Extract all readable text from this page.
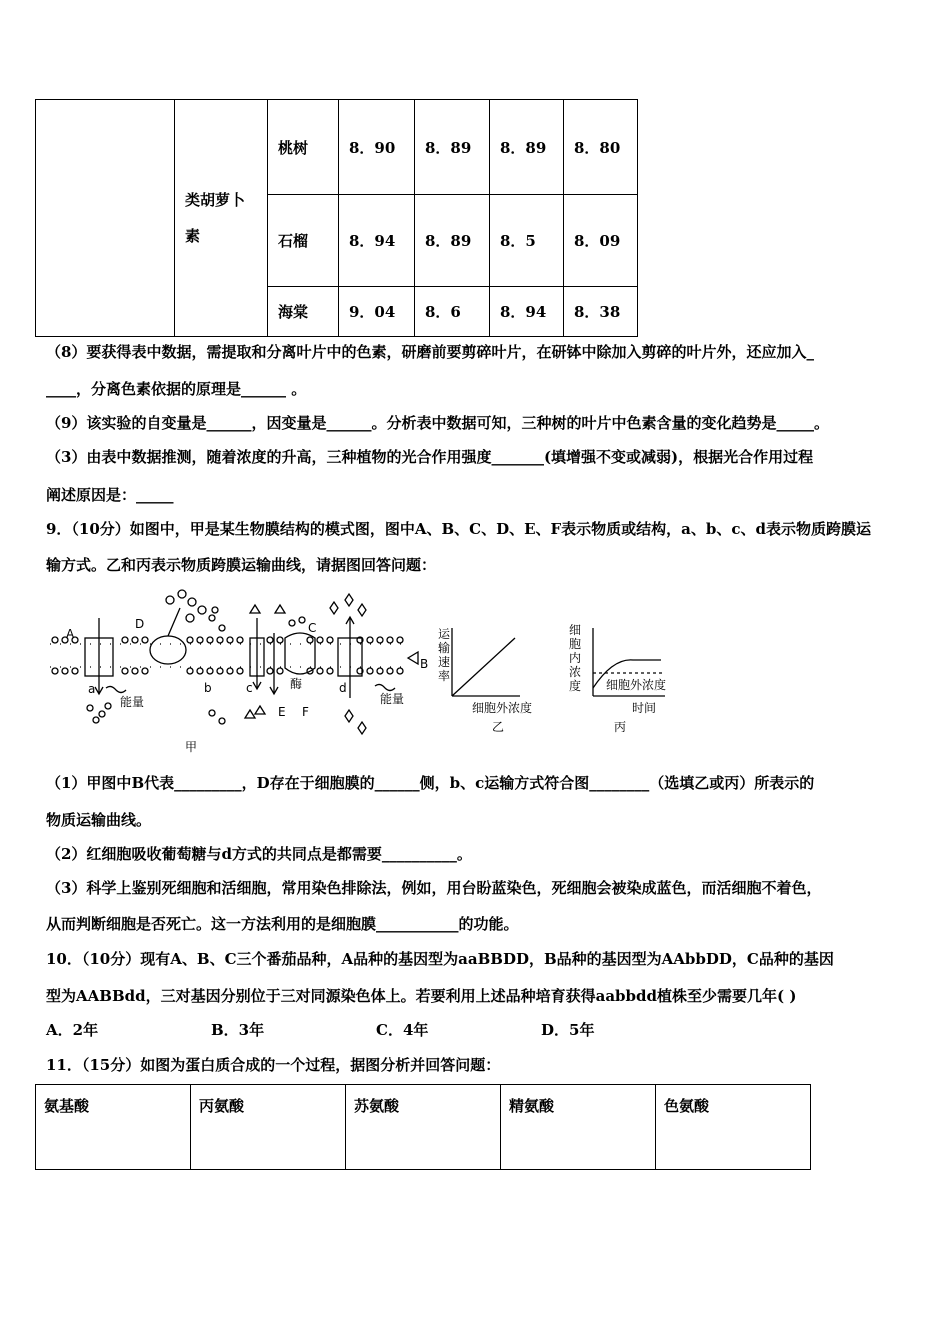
	类胡萝卜素	桃树	8．90	8．89	8．89	8．80
		石榴	8．94	8．89	8．5	8．09
		海棠	9．04	8．6	8．94	8．38
（8）要获得表中数据，需提取和分离叶片中的色素，研磨前要剪碎叶片，在研钵中除加入剪碎的叶片外，还应加入_
____，分离色素依据的原理是______ 。
（9）该实验的自变量是______，因变量是______。分析表中数据可知，三种树的叶片中色素含量的变化趋势是_____。
（3）由表中数据推测，随着浓度的升高，三种植物的光合作用强度_______(填增强不变或减弱)，根据光合作用过程
阐述原因是：_____
9．（10分）如图中，甲是某生物膜结构的模式图，图中A、B、C、D、E、F表示物质或结构，a、b、c、d表示物质跨膜运
输方式。乙和丙表示物质跨膜运输曲线，请据图回答问题：
A
D	C
B
E F
a	b	c	d
能量	能量
酶
甲
运
输
速
率
细胞外浓度
乙
细
胞
内
浓
度 细胞外浓度
时间
丙
（1）甲图中B代表_________，D存在于细胞膜的______侧，b、c运输方式符合图________（选填乙或丙）所表示的
物质运输曲线。
（2）红细胞吸收葡萄糖与d方式的共同点是都需要__________。
（3）科学上鉴别死细胞和活细胞，常用染色排除法，例如，用台盼蓝染色，死细胞会被染成蓝色，而活细胞不着色，
从而判断细胞是否死亡。这一方法利用的是细胞膜___________的功能。
10．（10分）现有A、B、C三个番茄品种，A品种的基因型为aaBBDD，B品种的基因型为AAbbDD，C品种的基因
型为AABBdd，三对基因分别位于三对同源染色体上。若要利用上述品种培育获得aabbdd植株至少需要几年( )
A．2年	B．3年	C．4年	D．5年
11．（15分）如图为蛋白质合成的一个过程，据图分析并回答问题：
氨基酸	丙氨酸	苏氨酸	精氨酸	色氨酸
